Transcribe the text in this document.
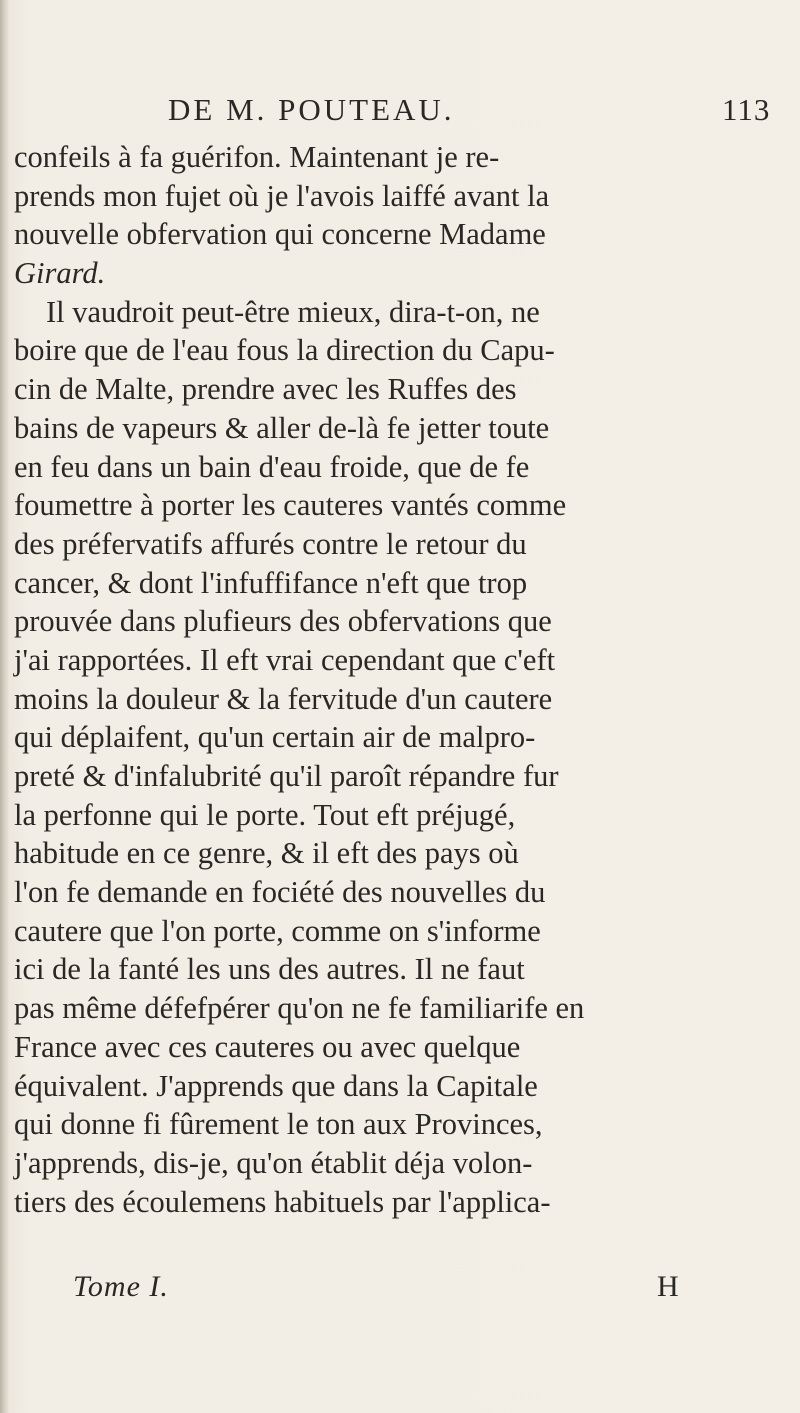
DE M. POUTEAU.	113
confeils à fa guérifon. Maintenant je re-
prends mon fujet où je l'avois laiffé avant la
nouvelle obfervation qui concerne Madame
Girard.
Il vaudroit peut-être mieux, dira-t-on, ne
boire que de l'eau fous la direction du Capu-
cin de Malte, prendre avec les Ruffes des
bains de vapeurs & aller de-là fe jetter toute
en feu dans un bain d'eau froide, que de fe
foumettre à porter les cauteres vantés comme
des préfervatifs affurés contre le retour du
cancer, & dont l'infuffifance n'eft que trop
prouvée dans plufieurs des obfervations que
j'ai rapportées. Il eft vrai cependant que c'eft
moins la douleur & la fervitude d'un cautere
qui déplaifent, qu'un certain air de malpro-
preté & d'infalubrité qu'il paroît répandre fur
la perfonne qui le porte. Tout eft préjugé,
habitude en ce genre, & il eft des pays où
l'on fe demande en fociété des nouvelles du
cautere que l'on porte, comme on s'informe
ici de la fanté les uns des autres. Il ne faut
pas même défefpérer qu'on ne fe familiarife en
France avec ces cauteres ou avec quelque
équivalent. J'apprends que dans la Capitale
qui donne fi fûrement le ton aux Provinces,
j'apprends, dis-je, qu'on établit déja volon-
tiers des écoulemens habituels par l'applica-
Tome I.	H
